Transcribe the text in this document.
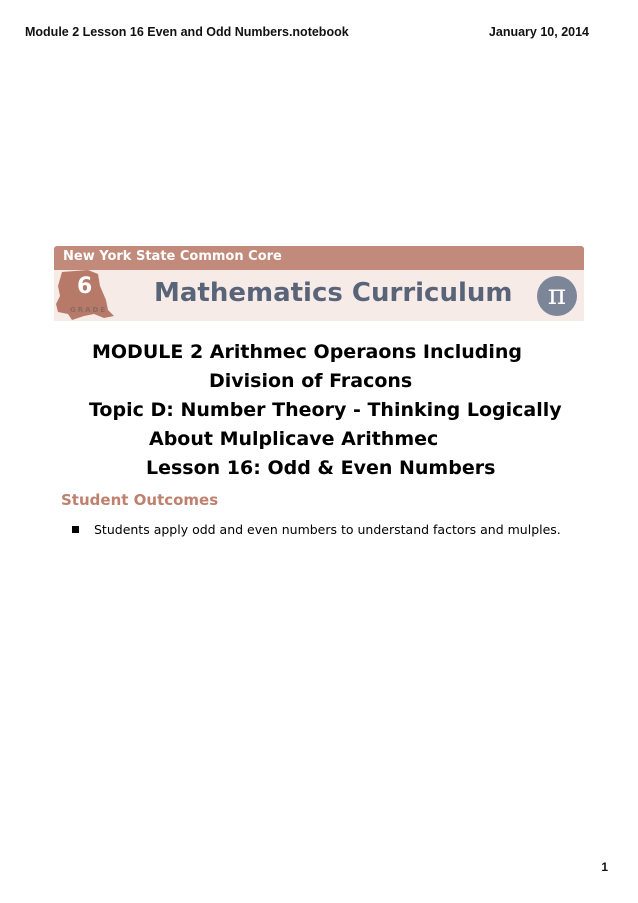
Module 2 Lesson 16 Even and Odd Numbers.notebook	January 10, 2014
New York State Common Core
6
GRADE
Mathematics Curriculum	π
MODULE 2 Arithmec Operaons Including
Division of Fracons
Topic D: Number Theory - Thinking Logically
About Mulplicave Arithmec
Lesson 16: Odd & Even Numbers
Student Outcomes
Students apply odd and even numbers to understand factors and mulples.
1
